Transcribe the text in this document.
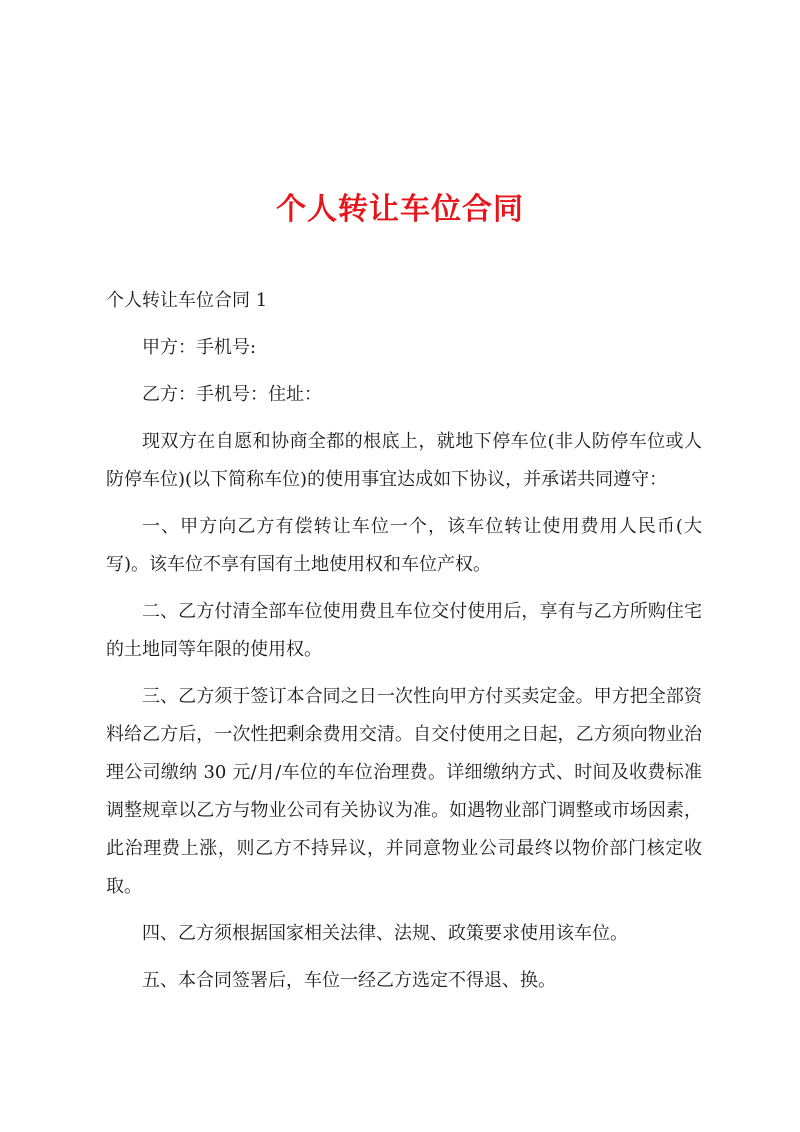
个人转让车位合同

个人转让车位合同 1

甲方：手机号:

乙方：手机号：住址：

现双方在自愿和协商全都的根底上，就地下停车位(非人防停车位或人防停车位)(以下简称车位)的使用事宜达成如下协议，并承诺共同遵守：

一、甲方向乙方有偿转让车位一个，该车位转让使用费用人民币(大写)。该车位不享有国有土地使用权和车位产权。

二、乙方付清全部车位使用费且车位交付使用后，享有与乙方所购住宅的土地同等年限的使用权。

三、乙方须于签订本合同之日一次性向甲方付买卖定金。甲方把全部资料给乙方后，一次性把剩余费用交清。自交付使用之日起，乙方须向物业治理公司缴纳 30 元/月/车位的车位治理费。详细缴纳方式、时间及收费标准调整规章以乙方与物业公司有关协议为准。如遇物业部门调整或市场因素，此治理费上涨，则乙方不持异议，并同意物业公司最终以物价部门核定收取。

四、乙方须根据国家相关法律、法规、政策要求使用该车位。

五、本合同签署后，车位一经乙方选定不得退、换。
